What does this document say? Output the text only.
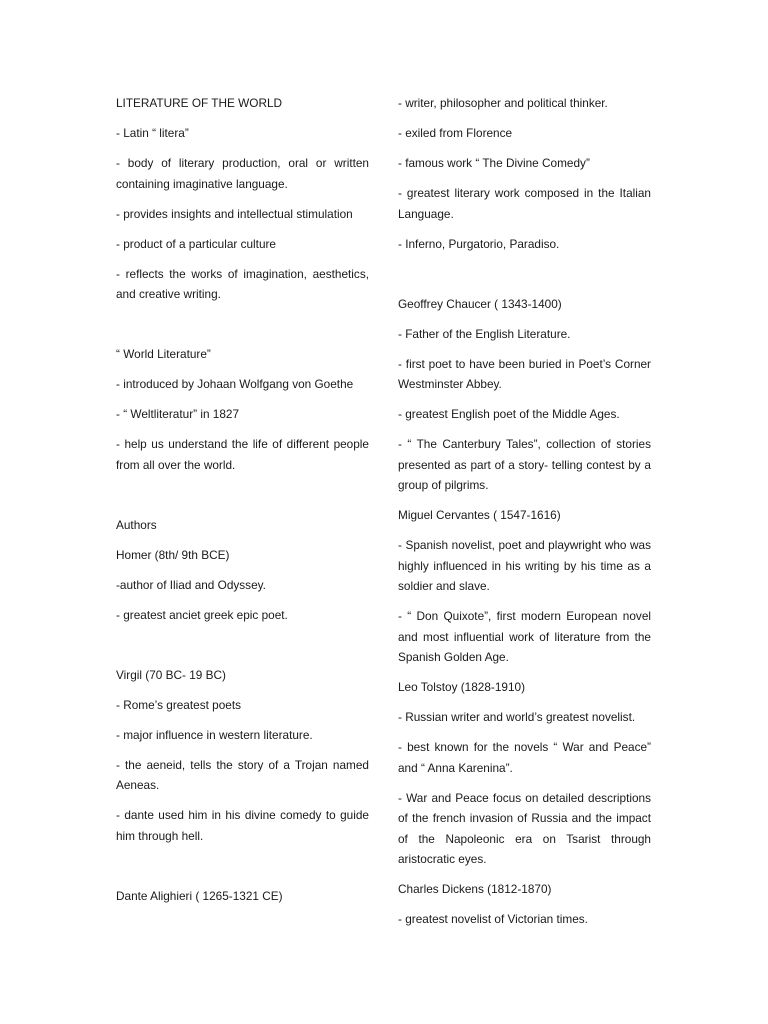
LITERATURE OF THE WORLD

- Latin “ litera”

- body of literary production, oral or written containing imaginative language.

- provides insights and intellectual stimulation

- product of a particular culture

- reflects the works of imagination, aesthetics, and creative writing.

“ World Literature”

- introduced by Johaan Wolfgang von Goethe

- “ Weltliteratur” in 1827

- help us understand the life of different people from all over the world.

Authors

Homer (8th/ 9th BCE)

-author of Iliad and Odyssey.

- greatest anciet greek epic poet.

Virgil (70 BC- 19 BC)

- Rome’s greatest poets

- major influence in western literature.

- the aeneid, tells the story of a Trojan named Aeneas.

- dante used him in his divine comedy to guide him through hell.

Dante Alighieri ( 1265-1321 CE)

- writer, philosopher and political thinker.

- exiled from Florence

- famous work “ The Divine Comedy”

- greatest literary work composed in the Italian Language.

- Inferno, Purgatorio, Paradiso.

Geoffrey Chaucer ( 1343-1400)

- Father of the English Literature.

- first poet to have been buried in Poet’s Corner Westminster Abbey.

- greatest English poet of the Middle Ages.

- “ The Canterbury Tales”, collection of stories presented as part of a story- telling contest by a group of pilgrims.

Miguel Cervantes ( 1547-1616)

- Spanish novelist, poet and playwright who was highly influenced in his writing by his time as a soldier and slave.

- “ Don Quixote”, first modern European novel and most influential work of literature from the Spanish Golden Age.

Leo Tolstoy (1828-1910)

- Russian writer and world’s greatest novelist.

- best known for the novels “ War and Peace” and “ Anna Karenina”.

- War and Peace focus on detailed descriptions of the french invasion of Russia and the impact of the Napoleonic era on Tsarist through aristocratic eyes.

Charles Dickens (1812-1870)

- greatest novelist of Victorian times.
